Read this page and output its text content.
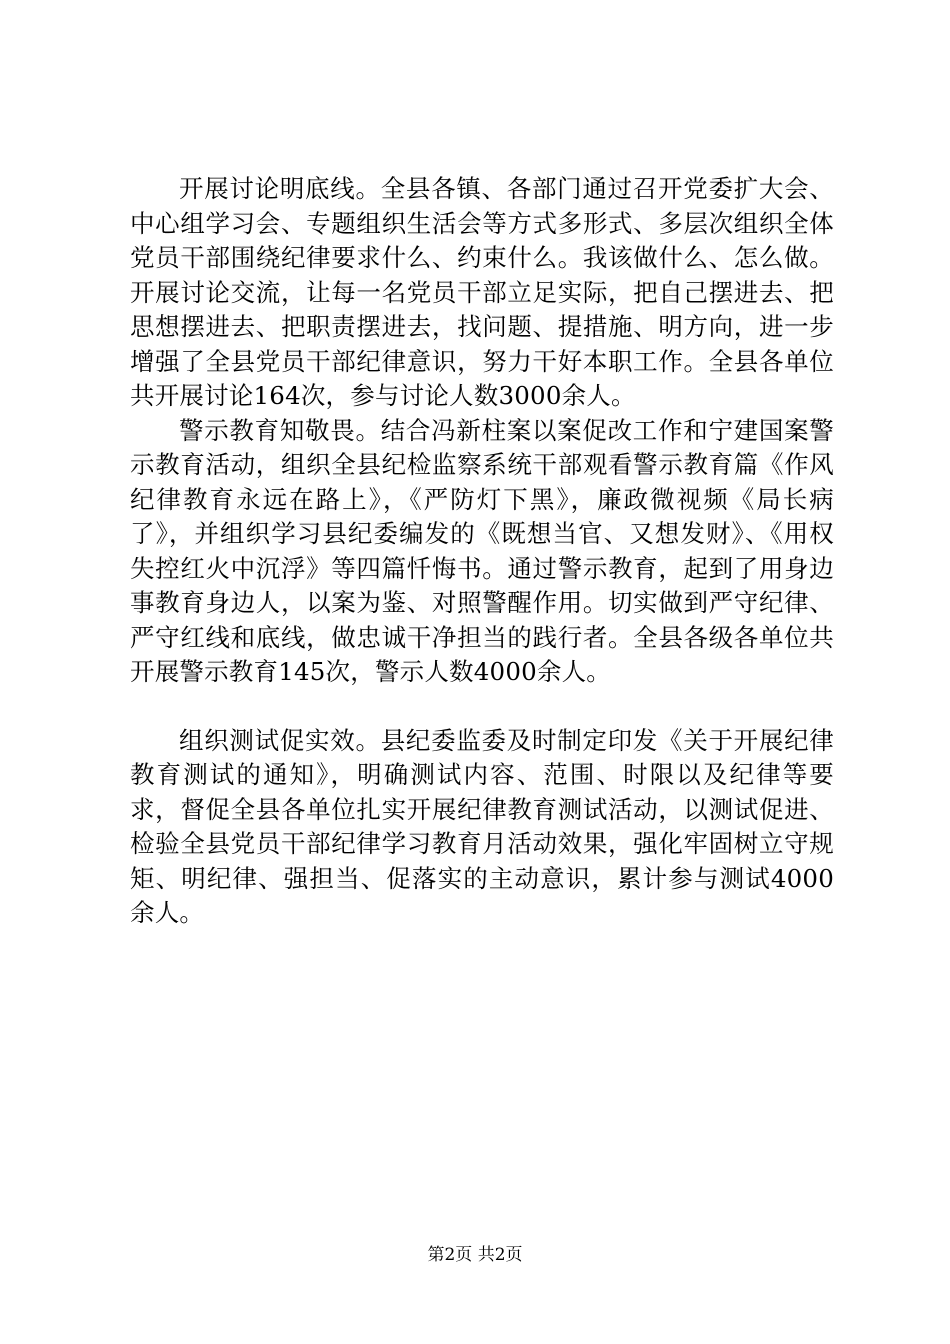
开展讨论明底线。全县各镇、各部门通过召开党委扩大会、中心组学习会、专题组织生活会等方式多形式、多层次组织全体党员干部围绕纪律要求什么、约束什么。我该做什么、怎么做。开展讨论交流，让每一名党员干部立足实际，把自己摆进去、把思想摆进去、把职责摆进去，找问题、提措施、明方向，进一步增强了全县党员干部纪律意识，努力干好本职工作。全县各单位共开展讨论164次，参与讨论人数3000余人。

警示教育知敬畏。结合冯新柱案以案促改工作和宁建国案警示教育活动，组织全县纪检监察系统干部观看警示教育篇《作风纪律教育永远在路上》，《严防灯下黑》，廉政微视频《局长病了》，并组织学习县纪委编发的《既想当官、又想发财》、《用权失控红火中沉浮》等四篇忏悔书。通过警示教育，起到了用身边事教育身边人，以案为鉴、对照警醒作用。切实做到严守纪律、严守红线和底线，做忠诚干净担当的践行者。全县各级各单位共开展警示教育145次，警示人数4000余人。

组织测试促实效。县纪委监委及时制定印发《关于开展纪律教育测试的通知》，明确测试内容、范围、时限以及纪律等要求，督促全县各单位扎实开展纪律教育测试活动，以测试促进、检验全县党员干部纪律学习教育月活动效果，强化牢固树立守规矩、明纪律、强担当、促落实的主动意识，累计参与测试4000余人。

第2页 共2页
